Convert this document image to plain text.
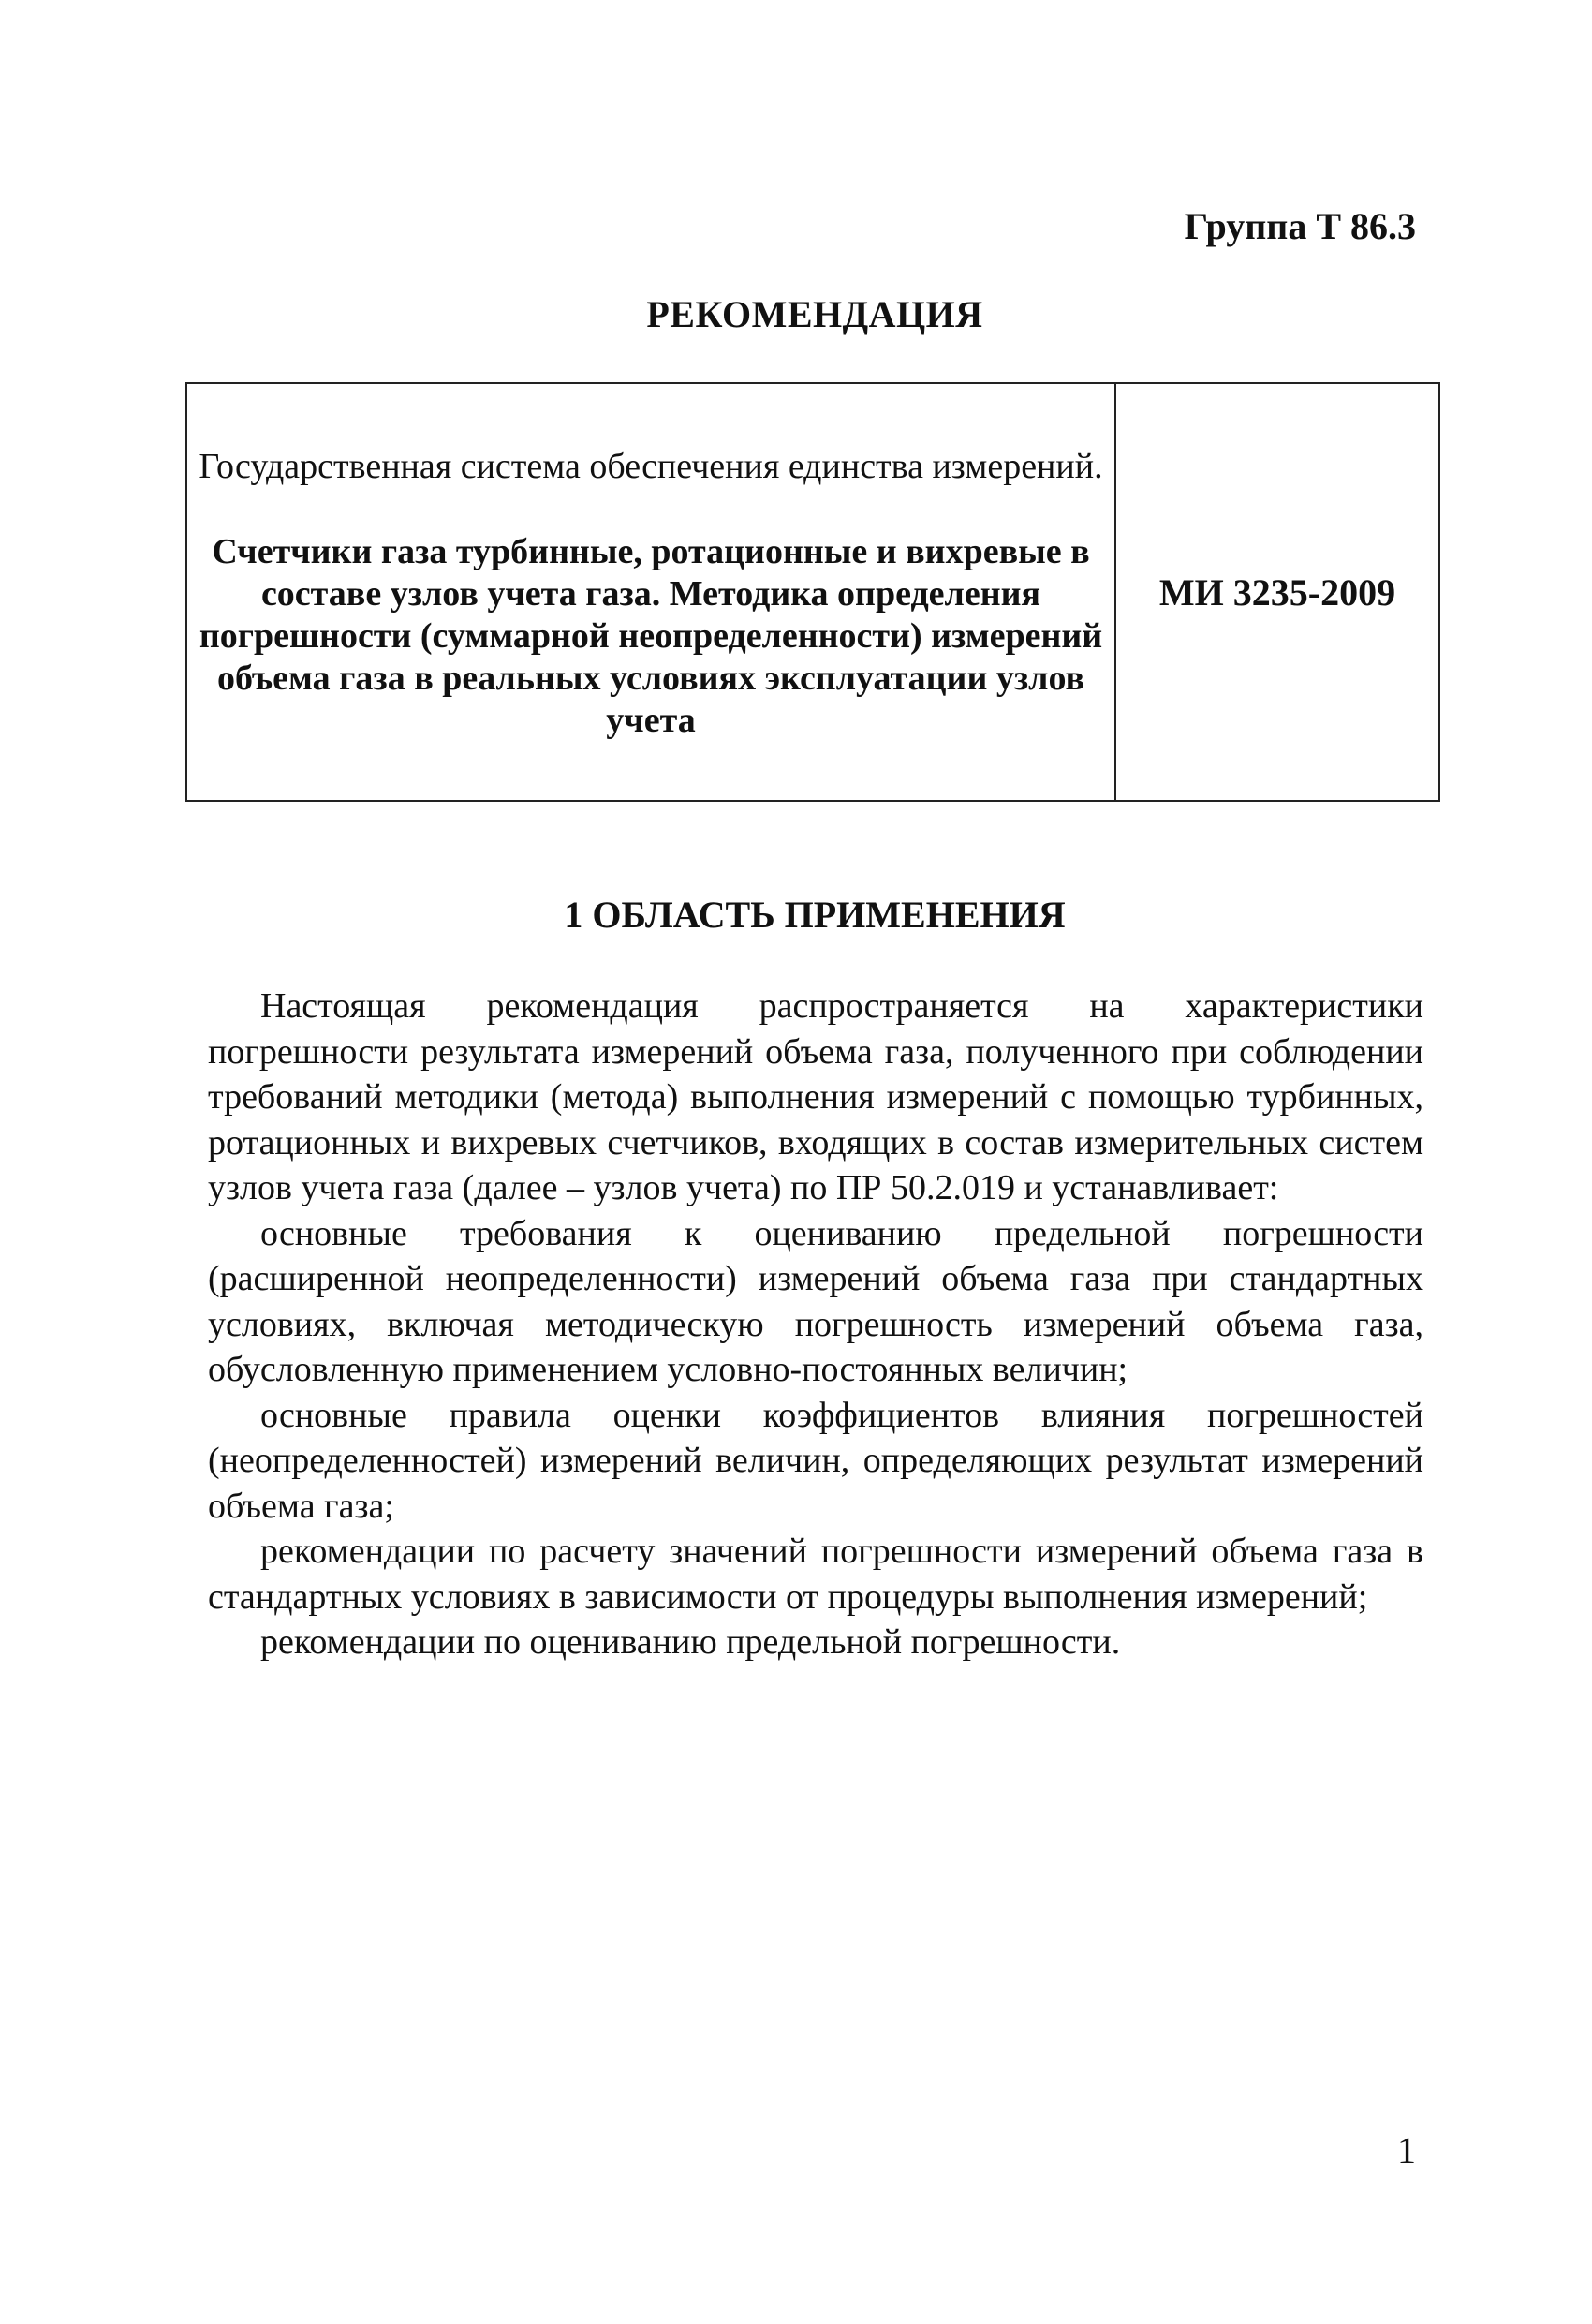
Группа Т 86.3
РЕКОМЕНДАЦИЯ

Государственная система обеспечения единства измерений.

Счетчики газа турбинные, ротационные и вихревые в составе узлов учета газа. Методика определения погрешности (суммарной неопределенности) измерений объема газа в реальных условиях эксплуатации узлов учета

	МИ 3235-2009
1 ОБЛАСТЬ ПРИМЕНЕНИЯ

Настоящая рекомендация распространяется на характеристики погрешности результата измерений объема газа, полученного при соблюдении требований методики (метода) выполнения измерений с помощью турбинных, ротационных и вихревых счетчиков, входящих в состав измерительных систем узлов учета газа (далее – узлов учета) по ПР 50.2.019 и устанавливает:

основные требования к оцениванию предельной погрешности (расширенной неопределенности) измерений объема газа при стандартных условиях, включая методическую погрешность измерений объема газа, обусловленную применением условно-постоянных величин;

основные правила оценки коэффициентов влияния погрешностей (неопределенностей) измерений величин, определяющих результат измерений объема газа;

рекомендации по расчету значений погрешности измерений объема газа в стандартных условиях в зависимости от процедуры выполнения измерений;

рекомендации по оцениванию предельной погрешности.

1
